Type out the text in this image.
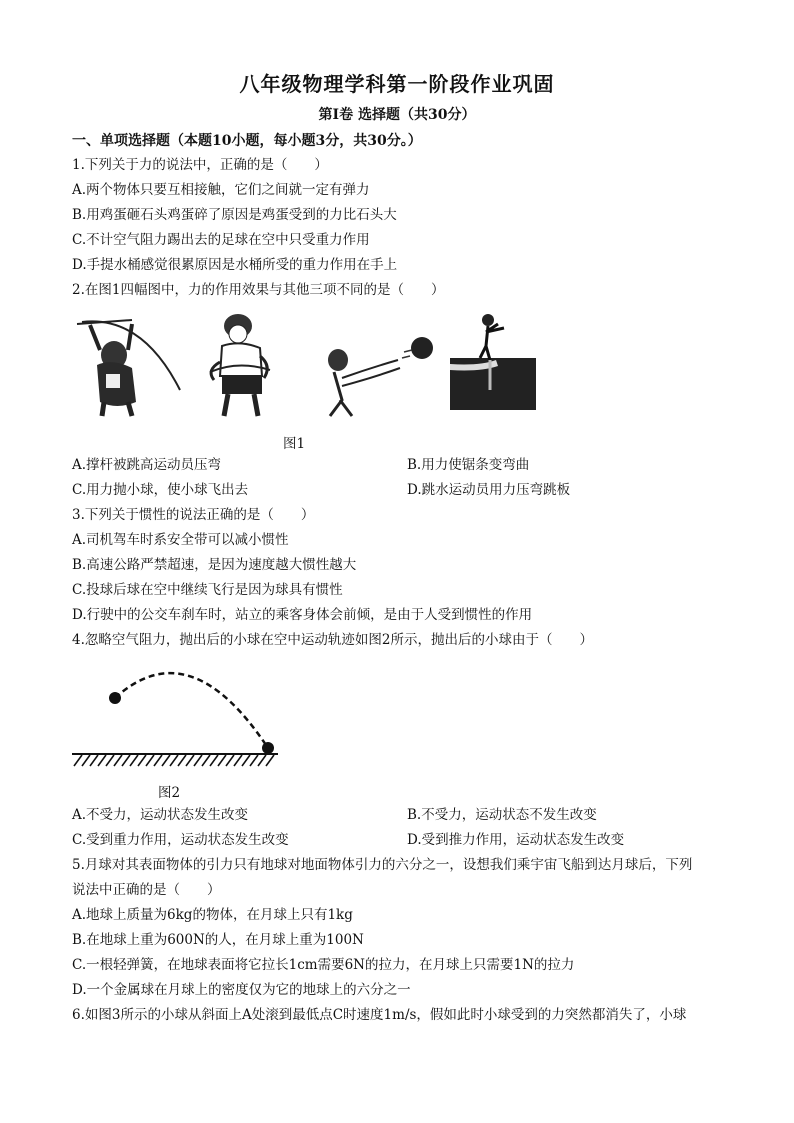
八年级物理学科第一阶段作业巩固
第Ⅰ卷 选择题（共30分）
一、单项选择题（本题10小题，每小题3分，共30分。）
1.下列关于力的说法中，正确的是（　　）
A.两个物体只要互相接触，它们之间就一定有弹力
B.用鸡蛋砸石头鸡蛋碎了原因是鸡蛋受到的力比石头大
C.不计空气阻力踢出去的足球在空中只受重力作用
D.手提水桶感觉很累原因是水桶所受的重力作用在手上
2.在图1四幅图中，力的作用效果与其他三项不同的是（　　）
图1
A.撑杆被跳高运动员压弯	B.用力使锯条变弯曲
C.用力抛小球，使小球飞出去	D.跳水运动员用力压弯跳板
3.下列关于惯性的说法正确的是（　　）
A.司机驾车时系安全带可以减小惯性
B.高速公路严禁超速，是因为速度越大惯性越大
C.投球后球在空中继续飞行是因为球具有惯性
D.行驶中的公交车刹车时，站立的乘客身体会前倾，是由于人受到惯性的作用
4.忽略空气阻力，抛出后的小球在空中运动轨迹如图2所示，抛出后的小球由于（　　）
图2
A.不受力，运动状态发生改变	B.不受力，运动状态不发生改变
C.受到重力作用，运动状态发生改变	D.受到推力作用，运动状态发生改变
5.月球对其表面物体的引力只有地球对地面物体引力的六分之一，设想我们乘宇宙飞船到达月球后，下列
说法中正确的是（　　）
A.地球上质量为6kg的物体，在月球上只有1kg
B.在地球上重为600N的人，在月球上重为100N
C.一根轻弹簧，在地球表面将它拉长1cm需要6N的拉力，在月球上只需要1N的拉力
D.一个金属球在月球上的密度仅为它的地球上的六分之一
6.如图3所示的小球从斜面上A处滚到最低点C时速度1m/s，假如此时小球受到的力突然都消失了，小球
